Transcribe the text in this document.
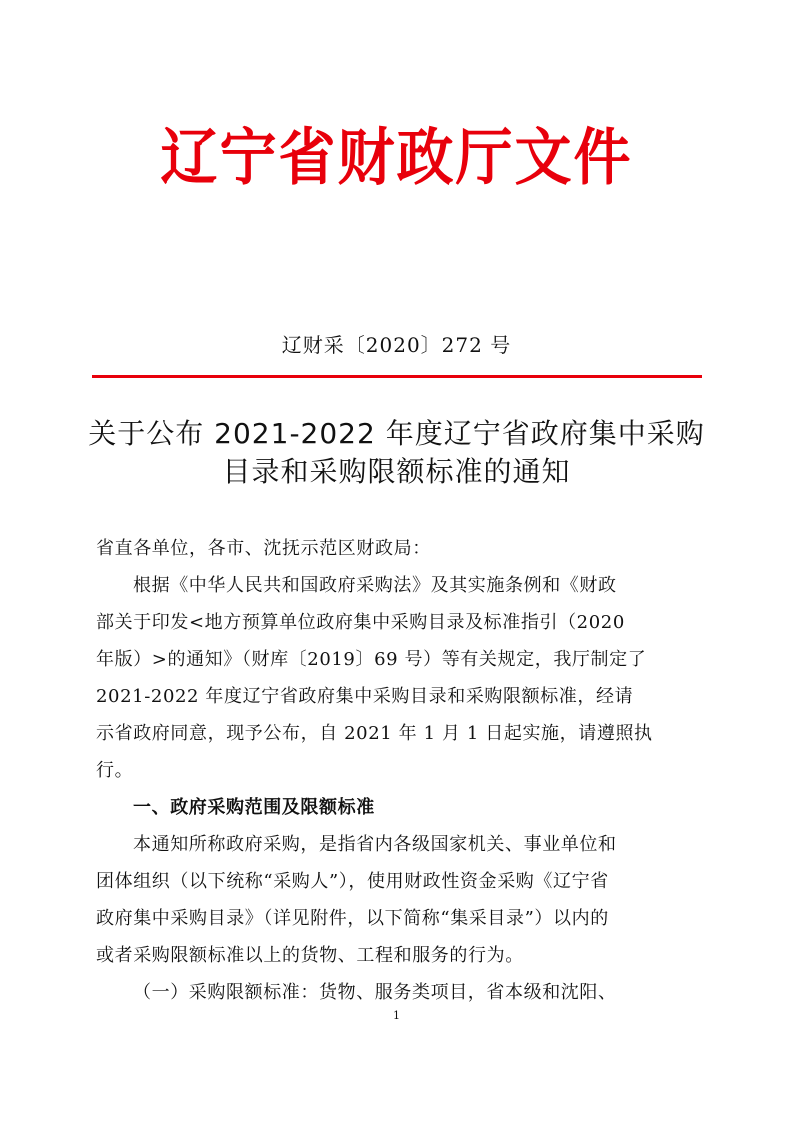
辽宁省财政厅文件
辽财采〔2020〕272 号
关于公布 2021-2022 年度辽宁省政府集中采购
目录和采购限额标准的通知
省直各单位，各市、沈抚示范区财政局：
根据《中华人民共和国政府采购法》及其实施条例和《财政
部关于印发<地方预算单位政府集中采购目录及标准指引（2020
年版）>的通知》（财库〔2019〕69 号）等有关规定，我厅制定了
2021-2022 年度辽宁省政府集中采购目录和采购限额标准，经请
示省政府同意，现予公布，自 2021 年 1 月 1 日起实施，请遵照执
行。
一、政府采购范围及限额标准
本通知所称政府采购，是指省内各级国家机关、事业单位和
团体组织（以下统称“采购人”），使用财政性资金采购《辽宁省
政府集中采购目录》（详见附件，以下简称“集采目录”）以内的
或者采购限额标准以上的货物、工程和服务的行为。
（一）采购限额标准：货物、服务类项目，省本级和沈阳、
1
